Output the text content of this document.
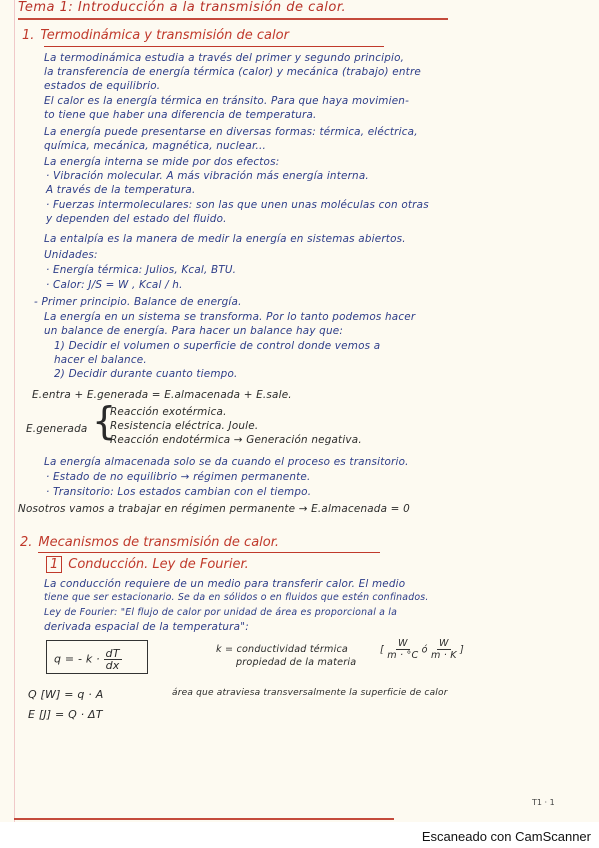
Tema 1: Introducción a la transmisión de calor.
1. Termodinámica y transmisión de calor
La termodinámica estudia a través del primer y segundo principio,
la transferencia de energía térmica (calor) y mecánica (trabajo) entre
estados de equilibrio.
El calor es la energía térmica en tránsito. Para que haya movimien-
to tiene que haber una diferencia de temperatura.
La energía puede presentarse en diversas formas: térmica, eléctrica,
química, mecánica, magnética, nuclear...
La energía interna se mide por dos efectos:
· Vibración molecular. A más vibración más energía interna.
A través de la temperatura.
· Fuerzas intermoleculares: son las que unen unas moléculas con otras
y dependen del estado del fluido.
La entalpía es la manera de medir la energía en sistemas abiertos.
Unidades:
· Energía térmica: Julios, Kcal, BTU.
· Calor: J/S = W , Kcal / h.
- Primer principio. Balance de energía.
La energía en un sistema se transforma. Por lo tanto podemos hacer
un balance de energía. Para hacer un balance hay que:
1) Decidir el volumen o superficie de control donde vemos a
hacer el balance.
2) Decidir durante cuanto tiempo.
E.entra + E.generada = E.almacenada + E.sale.
E.generada {
Reacción exotérmica.
Resistencia eléctrica. Joule.
Reacción endotérmica → Generación negativa.
La energía almacenada solo se da cuando el proceso es transitorio.
· Estado de no equilibrio → régimen permanente.
· Transitorio: Los estados cambian con el tiempo.
Nosotros vamos a trabajar en régimen permanente → E.almacenada = 0
2. Mecanismos de transmisión de calor.
1 Conducción. Ley de Fourier.
La conducción requiere de un medio para transferir calor. El medio
tiene que ser estacionario. Se da en sólidos o en fluidos que estén confinados.
Ley de Fourier: "El flujo de calor por unidad de área es proporcional a la
derivada espacial de la temperatura":
q = - $k \cdot \frac{dT}{dx}$	k = conductividad térmica	[ $\frac{W}{m \cdot ^\circ C}$ ó $\frac{W}{m \cdot K}$ ]
propiedad de la materia
Q [W] = q · A	área que atraviesa transversalmente la superficie de calor
E [J] = Q · ΔT
T1 · 1
Escaneado con CamScanner
